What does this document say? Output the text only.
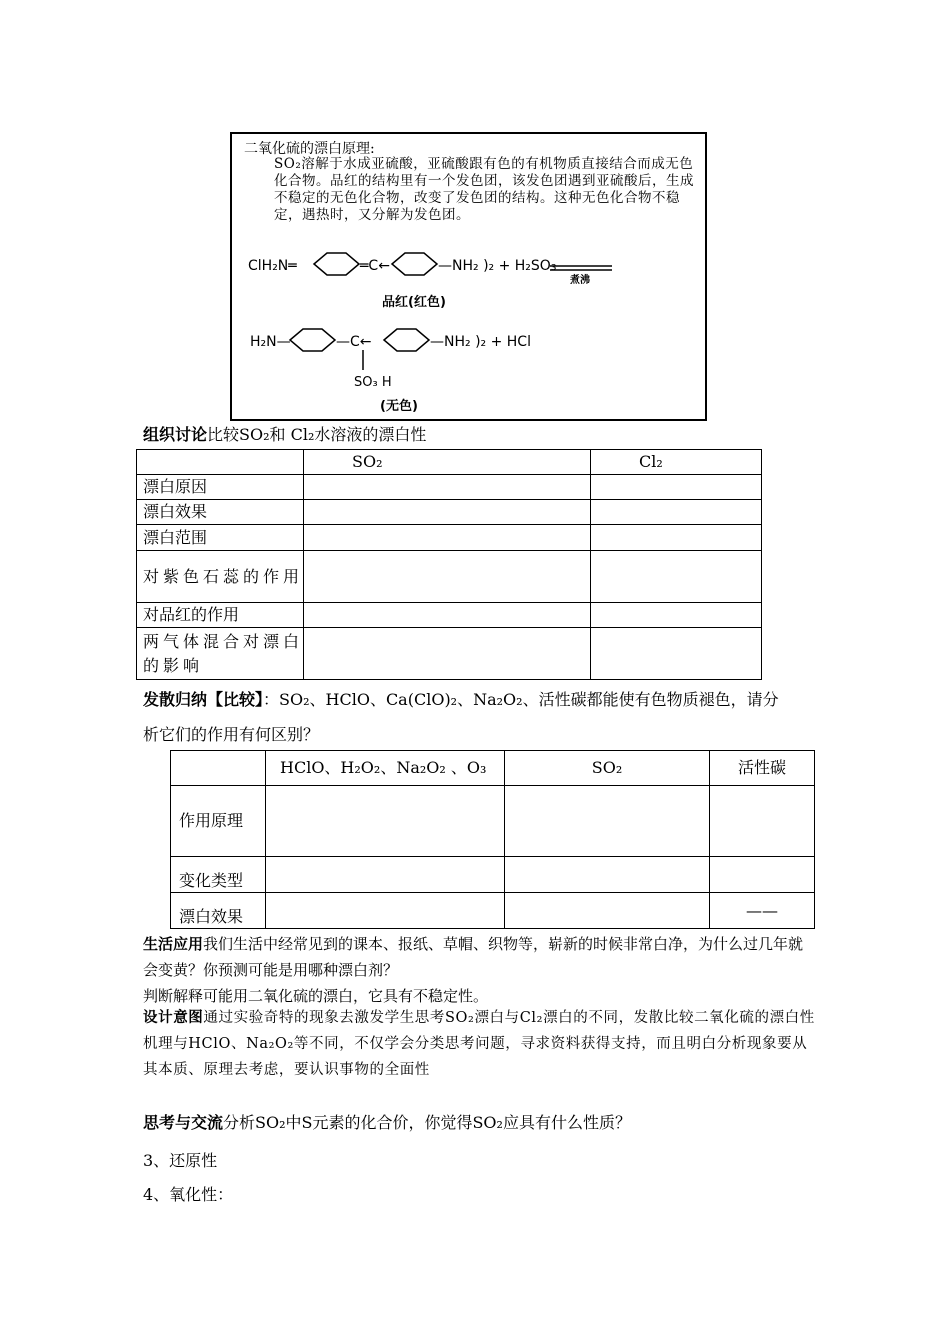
二氧化硫的漂白原理:
SO₂溶解于水成亚硫酸，亚硫酸跟有色的有机物质直接结合而成无色化合物。品红的结构里有一个发色团，该发色团遇到亚硫酸后，生成不稳定的无色化合物，改变了发色团的结构。这种无色化合物不稳定，遇热时，又分解为发色团。
ClH₂N═	═C←	—NH₂ )₂ + H₂SO₃
煮沸
品红(红色)
H₂N—	—C←	—NH₂ )₂ + HCl
SO₃ H
(无色)
组织讨论比较SO₂和 Cl₂水溶液的漂白性
	SO₂	Cl₂
漂白原因		
漂白效果		
漂白范围		
对紫色石蕊的作用		
对品红的作用		
两气体混合对漂白的影响		
发散归纳【比较】：SO₂、HClO、Ca(ClO)₂、Na₂O₂、活性碳都能使有色物质褪色，请分
析它们的作用有何区别？
	HClO、H₂O₂、Na₂O₂ 、O₃	SO₂	活性碳
作用原理			
变化类型			
漂白效果			——
生活应用我们生活中经常见到的课本、报纸、草帽、织物等，崭新的时候非常白净，为什么过几年就会变黄？你预测可能是用哪种漂白剂？
判断解释可能用二氧化硫的漂白，它具有不稳定性。
设计意图通过实验奇特的现象去激发学生思考SO₂漂白与Cl₂漂白的不同，发散比较二氧化硫的漂白性机理与HClO、Na₂O₂等不同，不仅学会分类思考问题，寻求资料获得支持，而且明白分析现象要从其本质、原理去考虑，要认识事物的全面性
思考与交流分析SO₂中S元素的化合价，你觉得SO₂应具有什么性质？
3、还原性
4、氧化性：
